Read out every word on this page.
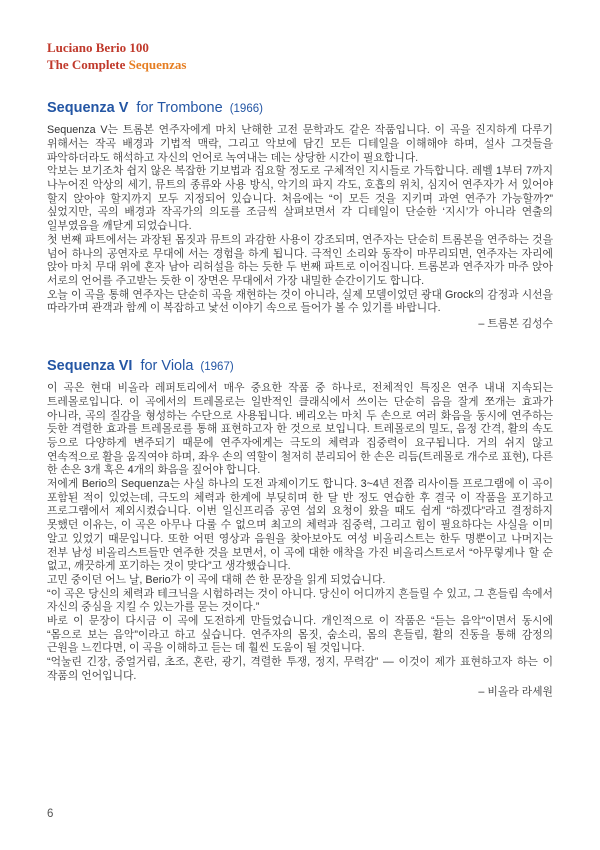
Luciano Berio 100
The Complete Sequenzas
Sequenza V for Trombone (1966)

Sequenza V는 트롬본 연주자에게 마치 난해한 고전 문학과도 같은 작품입니다. 이 곡을 진지하게 다루기 위해서는 작곡 배경과 기법적 맥락, 그리고 악보에 담긴 모든 디테일을 이해해야 하며, 설사 그것들을 파악하더라도 해석하고 자신의 언어로 녹여내는 데는 상당한 시간이 필요합니다.

악보는 보기조차 쉽지 않은 복잡한 기보법과 집요할 정도로 구체적인 지시들로 가득합니다. 레벨 1부터 7까지 나누어진 악상의 세기, 뮤트의 종류와 사용 방식, 악기의 파지 각도, 호흡의 위치, 심지어 연주자가 서 있어야 할지 앉아야 할지까지 모두 지정되어 있습니다. 처음에는 “이 모든 것을 지키며 과연 연주가 가능할까?” 싶었지만, 곡의 배경과 작곡가의 의도를 조금씩 살펴보면서 각 디테일이 단순한 ‘지시’가 아니라 연출의 일부였음을 깨닫게 되었습니다.

첫 번째 파트에서는 과장된 몸짓과 뮤트의 과감한 사용이 강조되며, 연주자는 단순히 트롬본을 연주하는 것을 넘어 하나의 공연자로 무대에 서는 경험을 하게 됩니다. 극적인 소리와 동작이 마무리되면, 연주자는 자리에 앉아 마치 무대 위에 혼자 남아 리허설을 하는 듯한 두 번째 파트로 이어집니다. 트롬본과 연주자가 마주 앉아 서로의 언어를 주고받는 듯한 이 장면은 무대에서 가장 내밀한 순간이기도 합니다.

오늘 이 곡을 통해 연주자는 단순히 곡을 재현하는 것이 아니라, 실제 모델이었던 광대 Grock의 감정과 시선을 따라가며 관객과 함께 이 복잡하고 낯선 이야기 속으로 들어가 볼 수 있기를 바랍니다.

– 트롬본 김성수
Sequenza VI for Viola (1967)

이 곡은 현대 비올라 레퍼토리에서 매우 중요한 작품 중 하나로, 전체적인 특징은 연주 내내 지속되는 트레몰로입니다. 이 곡에서의 트레몰로는 일반적인 클래식에서 쓰이는 단순히 음을 잘게 쪼개는 효과가 아니라, 곡의 질감을 형성하는 수단으로 사용됩니다. 베리오는 마치 두 손으로 여러 화음을 동시에 연주하는 듯한 격렬한 효과를 트레몰로를 통해 표현하고자 한 것으로 보입니다. 트레몰로의 밀도, 음정 간격, 활의 속도 등으로 다양하게 변주되기 때문에 연주자에게는 극도의 체력과 집중력이 요구됩니다. 거의 쉬지 않고 연속적으로 활을 움직여야 하며, 좌우 손의 역할이 철저히 분리되어 한 손은 리듬(트레몰로 개수로 표현), 다른 한 손은 3개 혹은 4개의 화음을 짚어야 합니다.

저에게 Berio의 Sequenza는 사실 하나의 도전 과제이기도 합니다. 3~4년 전쯤 리사이틀 프로그램에 이 곡이 포함된 적이 있었는데, 극도의 체력과 한계에 부딪히며 한 달 반 정도 연습한 후 결국 이 작품을 포기하고 프로그램에서 제외시켰습니다. 이번 일신프리즘 공연 섭외 요청이 왔을 때도 쉽게 “하겠다”라고 결정하지 못했던 이유는, 이 곡은 아무나 다룰 수 없으며 최고의 체력과 집중력, 그리고 힘이 필요하다는 사실을 이미 알고 있었기 때문입니다. 또한 어떤 영상과 음원을 찾아보아도 여성 비올리스트는 한두 명뿐이고 나머지는 전부 남성 비올리스트들만 연주한 것을 보면서, 이 곡에 대한 애착을 가진 비올리스트로서 “아무렇게나 할 순 없고, 깨끗하게 포기하는 것이 맞다”고 생각했습니다.

고민 중이던 어느 날, Berio가 이 곡에 대해 쓴 한 문장을 읽게 되었습니다.

“이 곡은 당신의 체력과 테크닉을 시험하려는 것이 아니다. 당신이 어디까지 흔들릴 수 있고, 그 흔들림 속에서 자신의 중심을 지킬 수 있는가를 묻는 것이다.”

바로 이 문장이 다시금 이 곡에 도전하게 만들었습니다. 개인적으로 이 작품은 “듣는 음악”이면서 동시에 “몸으로 보는 음악”이라고 하고 싶습니다. 연주자의 몸짓, 숨소리, 몸의 흔들림, 활의 진동을 통해 감정의 근원을 느낀다면, 이 곡을 이해하고 듣는 데 훨씬 도움이 될 것입니다.

“억눌린 긴장, 중얼거림, 초조, 혼란, 광기, 격렬한 투쟁, 정지, 무력감” — 이것이 제가 표현하고자 하는 이 작품의 언어입니다.

– 비올라 라세원
6
